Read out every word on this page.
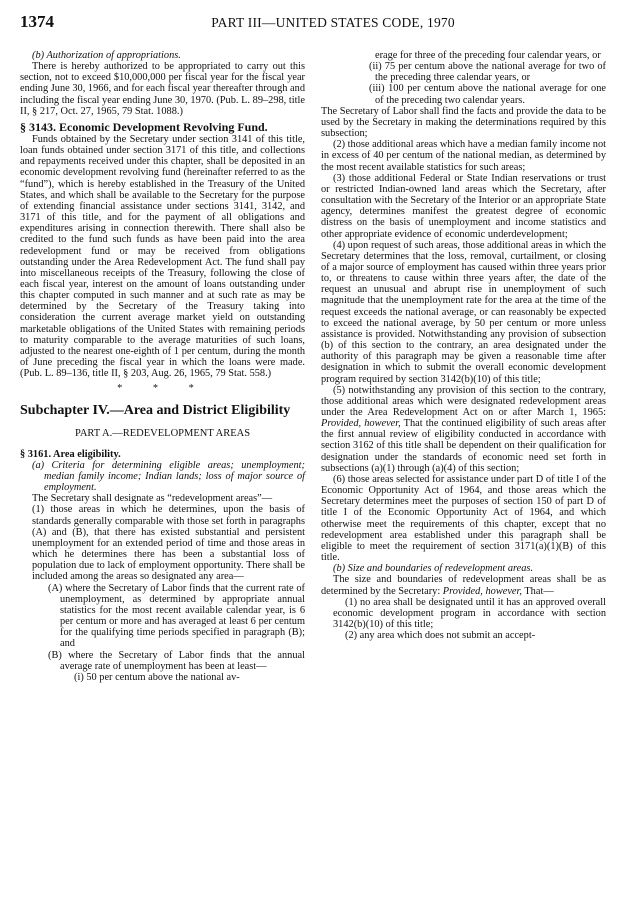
1374	PART III—UNITED STATES CODE, 1970

(b) Authorization of appropriations.

There is hereby authorized to be appropriated to carry out this section, not to exceed $10,000,000 per fiscal year for the fiscal year ending June 30, 1966, and for each fiscal year thereafter through and including the fiscal year ending June 30, 1970. (Pub. L. 89–298, title II, § 217, Oct. 27, 1965, 79 Stat. 1088.)

§ 3143. Economic Development Revolving Fund.

Funds obtained by the Secretary under section 3141 of this title, loan funds obtained under section 3171 of this title, and collections and repayments received under this chapter, shall be deposited in an economic development revolving fund (hereinafter referred to as the “fund”), which is hereby established in the Treasury of the United States, and which shall be available to the Secretary for the purpose of extending financial assistance under sections 3141, 3142, and 3171 of this title, and for the payment of all obligations and expenditures arising in connection therewith. There shall also be credited to the fund such funds as have been paid into the area redevelopment fund or may be received from obligations outstanding under the Area Redevelopment Act. The fund shall pay into miscellaneous receipts of the Treasury, following the close of each fiscal year, interest on the amount of loans outstanding under this chapter computed in such manner and at such rate as may be determined by the Secretary of the Treasury taking into consideration the current average market yield on outstanding marketable obligations of the United States with remaining periods to maturity comparable to the average maturities of such loans, adjusted to the nearest one-eighth of 1 per centum, during the month of June preceding the fiscal year in which the loans were made. (Pub. L. 89–136, title II, § 203, Aug. 26, 1965, 79 Stat. 558.)

* * *

Subchapter IV.—Area and District Eligibility

PART A.—REDEVELOPMENT AREAS

§ 3161. Area eligibility.

(a) Criteria for determining eligible areas; unemployment; median family income; Indian lands; loss of major source of employment.

The Secretary shall designate as “redevelopment areas”—

(1) those areas in which he determines, upon the basis of standards generally comparable with those set forth in paragraphs (A) and (B), that there has existed substantial and persistent unemployment for an extended period of time and those areas in which he determines there has been a substantial loss of population due to lack of employment opportunity. There shall be included among the areas so designated any area—

(A) where the Secretary of Labor finds that the current rate of unemployment, as determined by appropriate annual statistics for the most recent available calendar year, is 6 per centum or more and has averaged at least 6 per centum for the qualifying time periods specified in paragraph (B); and

(B) where the Secretary of Labor finds that the annual average rate of unemployment has been at least—

(i) 50 per centum above the national av-

erage for three of the preceding four calendar years, or

(ii) 75 per centum above the national average for two of the preceding three calendar years, or

(iii) 100 per centum above the national average for one of the preceding two calendar years.

The Secretary of Labor shall find the facts and provide the data to be used by the Secretary in making the determinations required by this subsection;

(2) those additional areas which have a median family income not in excess of 40 per centum of the national median, as determined by the most recent available statistics for such areas;

(3) those additional Federal or State Indian reservations or trust or restricted Indian-owned land areas which the Secretary, after consultation with the Secretary of the Interior or an appropriate State agency, determines manifest the greatest degree of economic distress on the basis of unemployment and income statistics and other appropriate evidence of economic underdevelopment;

(4) upon request of such areas, those additional areas in which the Secretary determines that the loss, removal, curtailment, or closing of a major source of employment has caused within three years prior to, or threatens to cause within three years after, the date of the request an unusual and abrupt rise in unemployment of such magnitude that the unemployment rate for the area at the time of the request exceeds the national average, or can reasonably be expected to exceed the national average, by 50 per centum or more unless assistance is provided. Notwithstanding any provision of subsection (b) of this section to the contrary, an area designated under the authority of this paragraph may be given a reasonable time after designation in which to submit the overall economic development program required by section 3142(b)(10) of this title;

(5) notwithstanding any provision of this section to the contrary, those additional areas which were designated redevelopment areas under the Area Redevelopment Act on or after March 1, 1965: Provided, however, That the continued eligibility of such areas after the first annual review of eligibility conducted in accordance with section 3162 of this title shall be dependent on their qualification for designation under the standards of economic need set forth in subsections (a)(1) through (a)(4) of this section;

(6) those areas selected for assistance under part D of title I of the Economic Opportunity Act of 1964, and those areas which the Secretary determines meet the purposes of section 150 of part D of title I of the Economic Opportunity Act of 1964, and which otherwise meet the requirements of this chapter, except that no redevelopment area established under this paragraph shall be eligible to meet the requirement of section 3171(a)(1)(B) of this title.

(b) Size and boundaries of redevelopment areas.

The size and boundaries of redevelopment areas shall be as determined by the Secretary: Provided, however, That—

(1) no area shall be designated until it has an approved overall economic development program in accordance with section 3142(b)(10) of this title;

(2) any area which does not submit an accept-
